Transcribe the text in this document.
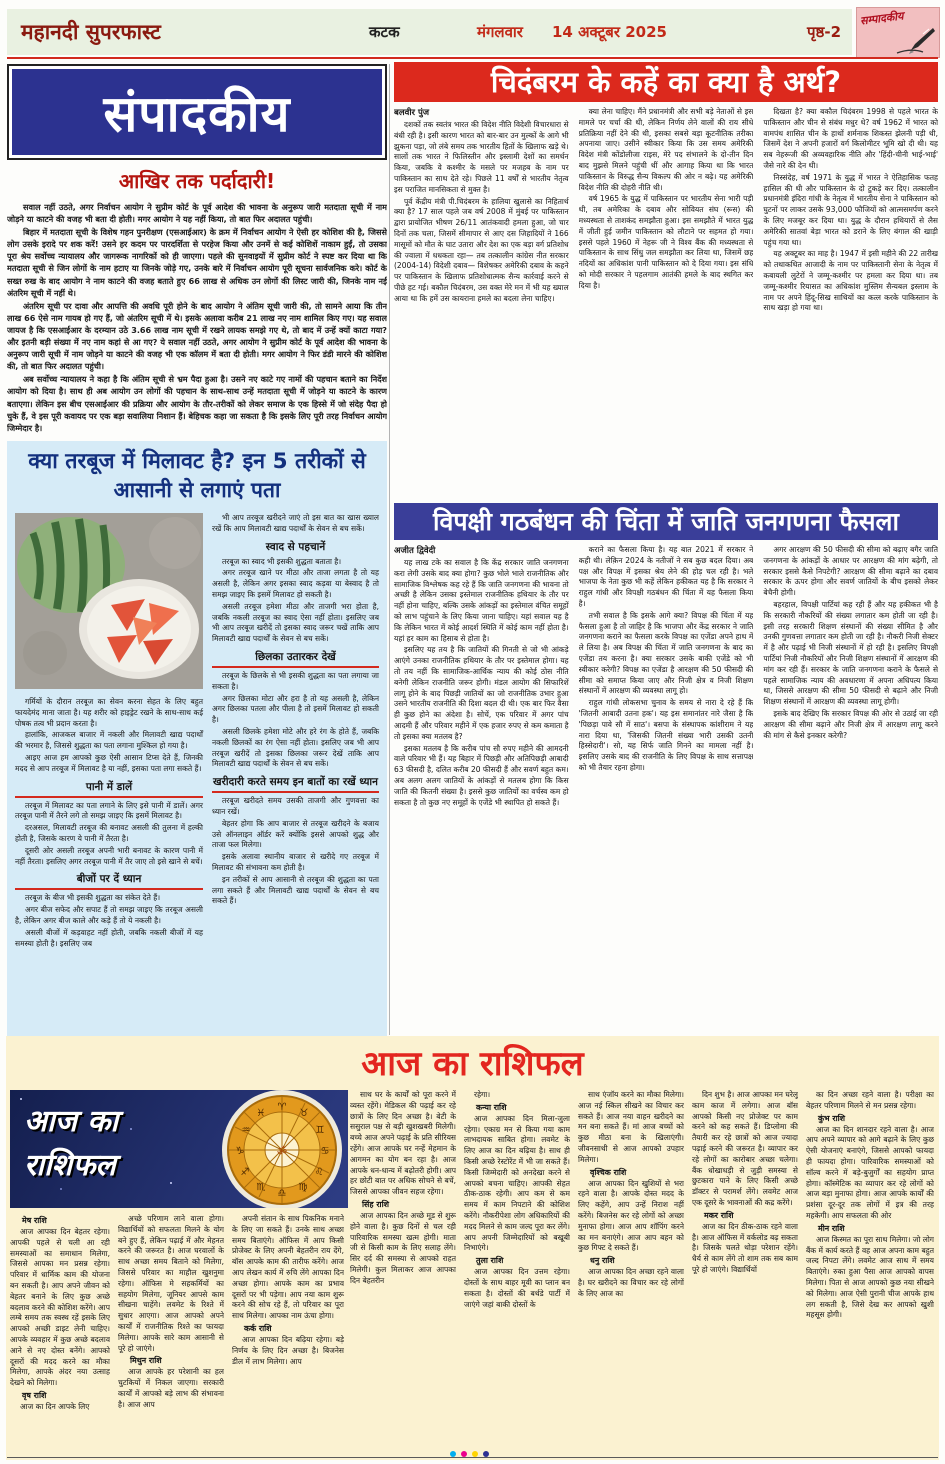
महानदी सुपरफास्ट	कटक	मंगलवार 14 अक्टूबर 2025	पृष्ठ-2
सम्पादकीय
संपादकीय
आखिर तक पर्दादारी!

सवाल नहीं उठते, अगर निर्वाचन आयोग ने सुप्रीम कोर्ट के पूर्व आदेश की भावना के अनुरूप जारी मतदाता सूची में नाम जोड़ने या काटने की वजह भी बता दी होती। मगर आयोग ने यह नहीं किया, तो बात फिर अदालत पहुंची।

बिहार में मतदाता सूची के विशेष गहन पुनरीक्षण (एसआईआर) के क्रम में निर्वाचन आयोग ने ऐसी हर कोशिश की है, जिससे लोग उसके इरादे पर शक करें! उसने हर कदम पर पारदर्शिता से परहेज किया और उनमें से कई कोशिशें नाकाम हुईं, तो उसका पूरा श्रेय सर्वोच्च न्यायालय और जागरूक नागरिकों को ही जाएगा। पहले की सुनवाइयों में सुप्रीम कोर्ट ने स्पष्ट कर दिया था कि मतदाता सूची से जिन लोगों के नाम हटाए या जिनके जोड़े गए, उनके बारे में निर्वाचन आयोग पूरी सूचना सार्वजनिक करे। कोर्ट के सख्त रुख के बाद आयोग ने नाम काटने की वजह बताते हुए 66 लाख से अधिक उन लोगों की लिस्ट जारी की, जिनके नाम नई अंतरिम सूची में नहीं थे।

अंतरिम सूची पर दावा और आपत्ति की अवधि पूरी होने के बाद आयोग ने अंतिम सूची जारी की, तो सामने आया कि तीन लाख 66 ऐसे नाम गायब हो गए हैं, जो अंतरिम सूची में थे। इसके अलावा करीब 21 लाख नए नाम शामिल किए गए। यह सवाल जायज है कि एसआईआर के दरम्यान उठे 3.66 लाख नाम सूची में रखने लायक समझे गए थे, तो बाद में उन्हें क्यों काटा गया? और इतनी बड़ी संख्या में नए नाम कहां से आ गए? ये सवाल नहीं उठते, अगर आयोग ने सुप्रीम कोर्ट के पूर्व आदेश की भावना के अनुरूप जारी सूची में नाम जोड़ने या काटने की वजह भी एक कॉलम में बता दी होती। मगर आयोग ने फिर डंडी मारने की कोशिश की, तो बात फिर अदालत पहुंची।

अब सर्वोच्च न्यायालय ने कहा है कि अंतिम सूची से भ्रम पैदा हुआ है। उसने नए काटे गए नामों की पहचान बताने का निर्देश आयोग को दिया है। साथ ही अब आयोग उन लोगों की पहचान के साथ-साथ उन्हें मतदाता सूची में जोड़ने या काटने के कारण बताएगा। लेकिन इस बीच एसआईआर की प्रक्रिया और आयोग के तौर-तरीकों को लेकर समाज के एक हिस्से में जो संदेह पैदा हो चुके हैं, वे इस पूरी कवायद पर एक बड़ा सवालिया निशान हैं। बेहिचक कहा जा सकता है कि इसके लिए पूरी तरह निर्वाचन आयोग जिम्मेदार है।

क्या तरबूज में मिलावट है? इन 5 तरीकों से
आसानी से लगाएं पता

गर्मियों के दौरान तरबूज का सेवन करना सेहत के लिए बहुत फायदेमंद माना जाता है। यह शरीर को हाइड्रेट रखने के साथ-साथ कई पोषक तत्व भी प्रदान करता है।

हालांकि, आजकल बाजार में नकली और मिलावटी खाद्य पदार्थों की भरमार है, जिससे शुद्धता का पता लगाना मुश्किल हो गया है।

आइए आज हम आपको कुछ ऐसी आसान टिप्स देते हैं, जिनकी मदद से आप तरबूज में मिलावट है या नहीं, इसका पता लगा सकते हैं।

पानी में डालें

तरबूज में मिलावट का पता लगाने के लिए इसे पानी में डालें। अगर तरबूज पानी में तैरने लगे तो समझ जाइए कि इसमें मिलावट है।

दरअसल, मिलावटी तरबूज की बनावट असली की तुलना में हल्की होती है, जिसके कारण ये पानी में तैरता है।

दूसरी ओर असली तरबूज अपनी भारी बनावट के कारण पानी में नहीं तैरता। इसलिए अगर तरबूज पानी में तैर जाए तो इसे खाने से बचें।

बीजों पर दें ध्यान

तरबूज के बीज भी इसकी शुद्धता का संकेत देते हैं।

अगर बीज सफेद और सपाट हैं तो समझ जाइए कि तरबूज असली है, लेकिन अगर बीज काले और कड़े हैं तो ये नकली है।

असली बीजों में कड़वाहट नहीं होती, जबकि नकली बीजों में यह समस्या होती है। इसलिए जब

भी आप तरबूज खरीदने जाएं तो इस बात का खास ख्याल रखें कि आप मिलावटी खाद्य पदार्थों के सेवन से बच सकें।

स्वाद से पहचानें

तरबूज का स्वाद भी इसकी शुद्धता बताता है।

अगर तरबूज खाने पर मीठा और ताजा लगता है तो यह असली है, लेकिन अगर इसका स्वाद कड़वा या बेस्वाद है तो समझ जाइए कि इसमें मिलावट हो सकती है।

असली तरबूज हमेशा मीठा और ताजगी भरा होता है, जबकि नकली तरबूज का स्वाद ऐसा नहीं होता। इसलिए जब भी आप तरबूज खरीदें तो इसका स्वाद जरूर चखें ताकि आप मिलावटी खाद्य पदार्थों के सेवन से बच सकें।

छिलका उतारकर देखें

तरबूज के छिलके से भी इसकी शुद्धता का पता लगाया जा सकता है।

अगर छिलका मोटा और हरा है तो यह असली है, लेकिन अगर छिलका पतला और पीला है तो इसमें मिलावट हो सकती है।

असली छिलके हमेशा मोटे और हरे रंग के होते हैं, जबकि नकली छिलकों का रंग ऐसा नहीं होता। इसलिए जब भी आप तरबूज खरीदें तो इसका छिलका जरूर देखें ताकि आप मिलावटी खाद्य पदार्थों के सेवन से बच सकें।

खरीदारी करते समय इन बातों का रखें ध्यान

तरबूज खरीदते समय उसकी ताजगी और गुणवत्ता का ध्यान रखें।

बेहतर होगा कि आप बाजार से तरबूज खरीदने के बजाय उसे ऑनलाइन ऑर्डर करें क्योंकि इससे आपको शुद्ध और ताजा फल मिलेगा।

इसके अलावा स्थानीय बाजार से खरीदे गए तरबूज में मिलावट की संभावना कम होती है।

इन तरीकों से आप आसानी से तरबूज की शुद्धता का पता लगा सकते हैं और मिलावटी खाद्य पदार्थों के सेवन से बच सकते हैं।

चिदंबरम के कहें का क्या है अर्थ?
बलवीर पुंज

दशकों तक स्वतंत्र भारत की विदेश नीति विदेशी विचारधारा से बंधी रही है। इसी कारण भारत को बार-बार उन मुल्कों के आगे भी झुकना पड़ा, जो लंबे समय तक भारतीय हितों के खिलाफ खड़े थे। सालों तक भारत ने फिलिस्तीन और इस्लामी देशों का समर्थन किया, जबकि वे कश्मीर के मसले पर मजहब के नाम पर पाकिस्तान का साथ देते रहे। पिछले 11 वर्षों से भारतीय नेतृत्व इस पराजित मानसिकता से मुक्त है।

पूर्व केंद्रीय मंत्री पी.चिदंबरम के हालिया खुलासे का निहितार्थ क्या है? 17 साल पहले जब वर्ष 2008 में मुंबई पर पाकिस्तान द्वारा प्रायोजित भीषण 26/11 आतंकवादी हमला हुआ, जो चार दिनों तक चला, जिसमें सीमापार से आए दस जिहादियों ने 166 मासूमों को मौत के घाट उतारा और देश का एक बड़ा वर्ग प्रतिशोध की ज्वाला में धधकता रहा— तब तत्कालीन कांग्रेस नीत सरकार (2004-14) विदेशी दबाव— विशेषकर अमेरिकी दबाव के कहने पर पाकिस्तान के खिलाफ प्रतिशोधात्मक सैन्य कार्रवाई करने से पीछे हट गई। बकौल चिदंबरम, उस वक्त मेरे मन में भी यह ख्याल आया था कि हमें उस कायराना हमले का बदला लेना चाहिए।

क्या लेना चाहिए। मैंने प्रधानमंत्री और सभी बड़े नेताओं से इस मामले पर चर्चा की थी, लेकिन निर्णय लेने वालों की राय सीधे प्रतिक्रिया नहीं देने की थी, इसका सबसे बड़ा कूटनीतिक तरीका अपनाया जाए। उसीने स्वीकार किया कि उस समय अमेरिकी विदेश मंत्री कोंडोलीजा राइस, मेरे पद संभालने के दो-तीन दिन बाद मुझसे मिलने पहुंची थीं और आगाह किया था कि भारत पाकिस्तान के विरुद्ध सैन्य विकल्प की ओर न बढ़े। यह अमेरिकी विदेश नीति की दोहरी नीति थी।

वर्ष 1965 के युद्ध में पाकिस्तान पर भारतीय सेना भारी पड़ी थी, तब अमेरिका के दबाव और सोवियत संघ (रूस) की मध्यस्थता से ताशकंद समझौता हुआ। इस समझौते में भारत युद्ध में जीती हुई जमीन पाकिस्तान को लौटाने पर सहमत हो गया। इससे पहले 1960 में नेहरू जी ने विश्व बैंक की मध्यस्थता से पाकिस्तान के साथ सिंधु जल समझौता कर लिया था, जिसमें छह नदियों का अधिकांश पानी पाकिस्तान को दे दिया गया। इस संधि को मोदी सरकार ने पहलगाम आतंकी हमले के बाद स्थगित कर दिया है।

दिखता है? क्या बकौल चिदंबरम 1998 से पहले भारत के पाकिस्तान और चीन से संबंध मधुर थे? वर्ष 1962 में भारत को वामपंथ शासित चीन के हाथों शर्मनाक शिकस्त झेलनी पड़ी थी, जिसमें देश ने अपनी हजारों वर्ग किलोमीटर भूमि खो दी थी। यह सब नेहरूजी की अव्यवहारिक नीति और 'हिंदी-चीनी भाई-भाई' जैसे नारे की देन थी।

निस्संदेह, वर्ष 1971 के युद्ध में भारत ने ऐतिहासिक फतह हासिल की थी और पाकिस्तान के दो टुकड़े कर दिए। तत्कालीन प्रधानमंत्री इंदिरा गांधी के नेतृत्व में भारतीय सेना ने पाकिस्तान को घुटनों पर लाकर उसके 93,000 फौजियों को आत्मसमर्पण करने के लिए मजबूर कर दिया था। युद्ध के दौरान हथियारों से लैस अमेरिकी सातवां बेड़ा भारत को डराने के लिए बंगाल की खाड़ी पहुंच गया था।

यह अक्टूबर का माह है। 1947 में इसी महीने की 22 तारीख को तथाकथित आजादी के नाम पर पाकिस्तानी सेना के नेतृत्व में कबायली लुटेरों ने जम्मू-कश्मीर पर हमला कर दिया था। तब जम्मू-कश्मीर रियासत का अधिकांश मुस्लिम सैन्यबल इस्लाम के नाम पर अपने हिंदू-सिख साथियों का कत्ल करके पाकिस्तान के साथ खड़ा हो गया था।

विपक्षी गठबंधन की चिंता में जाति जनगणना फैसला
अजीत द्विवेदी

यह लाख टके का सवाल है कि केंद्र सरकार जाति जनगणना करा लेगी उसके बाद क्या होगा? कुछ भोले भाले राजनीतिक और सामाजिक विश्लेषक कह रहे हैं कि जाति जनगणना की भावना तो अच्छी है लेकिन उसका इस्तेमाल राजनीतिक हथियार के तौर पर नहीं होना चाहिए, बल्कि उसके आंकड़ों का इस्तेमाल वंचित समूहों को लाभ पहुंचाने के लिए किया जाना चाहिए। यहां सवाल यह है कि लेकिन भारत में कोई आदर्श स्थिति में कोई काम नहीं होता है। यहां हर काम का हिसाब से होता है।

इसलिए यह तय है कि जातियों की गिनती से जो भी आंकड़े आएंगे उनका राजनीतिक हथियार के तौर पर इस्तेमाल होगा। यह तो तय नहीं कि सामाजिक-आर्थिक न्याय की कोई ठोस नीति बनेगी लेकिन राजनीति जरूर होगी। मंडल आयोग की सिफारिशें लागू होने के बाद पिछड़ी जातियों का जो राजनीतिक उभार हुआ उसने भारतीय राजनीति की दिशा बदल दी थी। एक बार फिर वैसा ही कुछ होने का अंदेशा है। सोचें, एक परिवार में अगर पांच आदमी हैं और परिवार महीने में एक हजार रुपए से कम कमाता है तो इसका क्या मतलब है?

इसका मतलब है कि करीब पांच सौ रुपए महीने की आमदनी वाले परिवार भी हैं। यह बिहार में पिछड़ी और अतिपिछड़ी आबादी 63 फीसदी है, दलित करीब 20 फीसदी हैं और सवर्ण बहुत कम। अब अलग अलग जातियों के आंकड़ों से मतलब होगा कि किस जाति की कितनी संख्या है। इससे कुछ जातियों का वर्चस्व कम हो सकता है तो कुछ नए समूहों के एजेंडे भी स्थापित हो सकते हैं।

कराने का फैसला किया है। यह बात 2021 में सरकार ने कही थी। लेक़िन 2024 के नतीजों ने सब कुछ बदल दिया। अब पक्ष और विपक्ष में इसका श्रेय लेने की होड़ चल रही है। भले भाजपा के नेता कुछ भी कहें लेकिन हकीकत यह है कि सरकार ने राहुल गांधी और विपक्षी गठबंधन की चिंता में यह फैसला किया है।

तभी सवाल है कि इसके आगे क्या? विपक्ष की चिंता में यह फैसला हुआ है तो जाहिर है कि भाजपा और केंद्र सरकार ने जाति जनगणना कराने का फैसला करके विपक्ष का एजेंडा अपने हाथ में ले लिया है। अब विपक्ष की चिंता में जाति जनगणना के बाद का एजेंडा तय करना है। क्या सरकार उसके बाकी एजेंडे को भी स्वीकार करेगी? विपक्ष का एजेंडा है आरक्षण की 50 फीसदी की सीमा को समाप्त किया जाए और निजी क्षेत्र व निजी शिक्षण संस्थानों में आरक्षण की व्यवस्था लागू हो।

राहुल गांधी लोकसभा चुनाव के समय से नारा दे रहे हैं कि 'जितनी आबादी उतना हक'। यह इस समानांतर नारे जैसा है कि 'पिछड़ा पावे सौ में साठ'। बसपा के संस्थापक कांशीराम ने यह नारा दिया था, 'जिसकी जितनी संख्या भारी उसकी उतनी हिस्सेदारी'। सो, यह सिर्फ जाति गिनने का मामला नहीं है। इसलिए उसके बाद की राजनीति के लिए विपक्ष के साथ सत्तापक्ष को भी तैयार रहना होगा।

अगर आरक्षण की 50 फीसदी की सीमा को बढ़ाए बगैर जाति जनगणना के आंकड़ों के आधार पर आरक्षण की मांग बढ़ेगी, तो सरकार इससे कैसे निपटेगी? आरक्षण की सीमा बढ़ाने का दबाव सरकार के ऊपर होगा और सवर्ण जातियों के बीच इसको लेकर बेचैनी होगी।

बहरहाल, विपक्षी पार्टियां कह रही हैं और यह हकीकत भी है कि सरकारी नौकरियों की संख्या लगातार कम होती जा रही है। इसी तरह सरकारी शिक्षण संस्थानों की संख्या सीमित है और उनकी गुणवत्ता लगातार कम होती जा रही है। नौकरी निजी सेक्टर में है और पढ़ाई भी निजी संस्थानों में हो रही है। इसलिए विपक्षी पार्टियां निजी नौकरियों और निजी शिक्षण संस्थानों में आरक्षण की मांग कर रही हैं। सरकार के जाति जनगणना कराने के फैसले से पहले सामाजिक न्याय की अवधारणा में अपना अधिपत्य किया था, जिससे आरक्षण की सीमा 50 फीसदी से बढ़ाने और निजी शिक्षण संस्थानों में आरक्षण की व्यवस्था लागू होगी।

इसके बाद देखिए कि सरकार विपक्ष की ओर से उठाई जा रही आरक्षण की सीमा बढ़ाने और निजी क्षेत्र में आरक्षण लागू करने की मांग से कैसे इनकार करेगी?

आज का राशिफल
आज का
राशिफल
♈
♉
♊
♋
♌
♍
♎
♏
♐
♑
♒
♓
ॐ
मेष राशि

आज आपका दिन बेहतर रहेगा। आपकी पहले से चली आ रही समस्याओं का समाधान मिलेगा, जिससे आपका मन प्रसन्न रहेगा। परिवार में धार्मिक काम की योजना बन सकती है। आप अपने जीवन को बेहतर बनाने के लिए कुछ अच्छे बदलाव करने की कोशिश करेंगे। आप लम्बे समय तक स्वस्थ रहें इसके लिए आपको अच्छी डाइट लेनी चाहिए। आपके व्यवहार में कुछ अच्छे बदलाव आने से नए दोस्त बनेंगे। आपको दूसरों की मदद करने का मौका मिलेगा, आपके अंदर नया उत्साह देखने को मिलेगा।

वृष राशि

आज का दिन आपके लिए

अच्छे परिणाम लाने वाला होगा। विद्यार्थियों को सफलता मिलने के योग बने हुए हैं, लेकिन पढ़ाई में और मेहनत करने की जरूरत है। आज घरवालों के साथ अच्छा समय बिताने को मिलेगा, जिससे परिवार का माहौल खुशनुमा रहेगा। ऑफिस मे सहकर्मियों का सहयोग मिलेगा, जूनियर आपसे काम सीखना चाहेंगे। लवमेट के रिश्ते में सुधार आएगा। आज आपको अपने कार्यों में राजनीतिक रिश्ते का फायदा मिलेगा। आपके सारे काम आसानी से पूरे हो जाएंगे।

मिथुन राशि

आज आपके हर परेशानी का हल चुटकियों में निकल जाएगा। सरकारी कार्यों में आपको बड़े लाभ की संभावना है। आज आप

अपनी संतान के साथ पिकनिक मनाने के लिए जा सकते हैं। उनके साथ अच्छा समय बिताएंगे। ऑफिस में आप किसी प्रोजेक्ट के लिए अपनी बेहतरीन राय देंगे, बॉस आपके काम की तारीफ करेंगे। आज आप लेखन कार्य में रुचि लेंगे आपका दिन अच्छा होगा। आपके काम का प्रभाव दूसरों पर भी पड़ेगा। आप नया काम शुरू करने की सोच रहे हैं, तो परिवार का पूरा साथ मिलेगा। आपका नाम ऊंचा होगा।

कर्क राशि

आज आपका दिन बढ़िया रहेगा। बड़े निर्णय के लिए दिन अच्छा है। बिजनेस डील में लाभ मिलेगा। आप

साथ घर के कार्यों को पूरा करने में व्यस्त रहेंगे। मेडिकल की पढ़ाई कर रहे छात्रों के लिए दिन अच्छा है। बेटी के ससुराल पक्ष से बड़ी खुशखबरी मिलेगी। बच्चे आज अपने पढ़ाई के प्रति सीरियस रहेंगे। आज आपके घर नन्हें मेहमान के आगमन का योग बन रहा है। आज आपके धन-धान्य में बढ़ोतरी होगी। आप हर छोटी बात पर अधिक सोचने से बचें, जिससे आपका जीवन सहज रहेगा।

सिंह राशि

आज आपका दिन अच्छे मूड से शुरू होने वाला है। कुछ दिनों से चल रही पारिवारिक समस्या खत्म होगी। माता जी से किसी काम के लिए सलाह लेंगे। सिर दर्द की समस्या से आपको राहत मिलेगी। कुल मिलाकर आज आपका दिन बेहतरीन

रहेगा।

कन्या राशि

आज आपका दिन मिला-जुला रहेगा। एकाग्र मन से किया गया काम लाभदायक साबित होगा। लवमेट के लिए आज का दिन बढ़िया है। साथ ही किसी अच्छे रेस्टोरेंट में भी जा सकते हैं। किसी जिम्मेदारी को अनदेखा करने से आपको बचना चाहिए। आपकी सेहत ठीक-ठाक रहेगी। आप कम से कम समय में काम निपटाने की कोशिश करेंगे। नौकरीपेशा लोग अधिकारियों की मदद मिलने से काम जल्द पूरा कर लेंगे। आप अपनी जिम्मेदारियों को बखूबी निभाएंगे।

तुला राशि

आज आपका दिन उत्तम रहेगा। दोस्तों के साथ बाहर मूवी का प्लान बन सकता है। दोस्तों की बर्थडे पार्टी में जाएंगे जहां बाकी दोस्तों के

साथ एंजॉय करने का मौका मिलेगा। आज नई स्किल सीखने का विचार कर सकते हैं। आज नया वाहन खरीदने का मन बना सकते हैं। मां आज बच्चों को कुछ मीठा बना के खिलाएंगी। जीवनसाथी से आज आपको उपहार मिलेगा।

वृश्चिक राशि

आज आपका दिन खुशियों से भरा रहने वाला है। आपके दोस्त मदद के लिए कहेंगे, आप उन्हें निराश नहीं करेंगे। बिजनेस कर रहे लोगों को अच्छा मुनाफा होगा। आज आप शॉपिंग करने का मन बनाएंगे। आज आप बहन को कुछ गिफ्ट दे सकते हैं।

धनु राशि

आज आपका दिन अच्छा रहने वाला है। घर खरीदने का विचार कर रहे लोगों के लिए आज का

दिन शुभ है। आज आपका मन घरेलू काम काज में लगेगा। आज बॉस आपको किसी नए प्रोजेक्ट पर काम करने को कह सकते हैं। डिप्लोमा की तैयारी कर रहे छात्रों को आज ज्यादा पढ़ाई करने की जरूरत है। व्यापार कर रहे लोगों का कारोबार अच्छा चलेगा। बैंक धोखाधड़ी से जुड़ी समस्या से छुटकारा पाने के लिए किसी अच्छे डॉक्टर से परामर्श लेंगे। लवमेट आज एक दूसरे के भावनाओं की कद्र करेंगे।

मकर राशि

आज का दिन ठीक-ठाक रहने वाला है। आज ऑफिस में वर्कलोड बढ़ सकता है। जिसके चलते थोड़ा परेशान रहेंगे। धैर्य से काम लेंगे तो शाम तक सब काम पूरे हो जाएंगे। विद्यार्थियों

का दिन अच्छा रहने वाला है। परीक्षा का बेहतर परिणाम मिलने से मन प्रसन्न रहेगा।

कुंभ राशि

आज का दिन शानदार रहने वाला है। आज आप अपने व्यापार को आगे बढ़ाने के लिए कुछ ऐसी योजनाएं बनाएंगे, जिससे आपको फायदा ही फायदा होगा। पारिवारिक समस्याओं को सॉल्व करने में बड़े-बुजुर्गों का सहयोग प्राप्त होगा। कॉस्मेटिक का व्यापार कर रहे लोगों को आज बड़ा मुनाफा होगा। आज आपके कार्यों की प्रशंसा दूर-दूर तक लोगों में इत्र की तरह महकेगी। आप सफलता की ओर

मीन राशि

आज किस्मत का पूरा साथ मिलेगा। जो लोग बैंक में कार्य करते हैं वह आज अपना काम बहुत जल्द निपटा लेंगे। लवमेट आज साथ में समय बिताएंगे। रुका हुआ पैसा आज आपको वापस मिलेगा। पिता से आज आपको कुछ नया सीखने को मिलेगा। आज ऐसी पुरानी चीज आपके हाथ लग सकती है, जिसे देख कर आपको खुशी महसूस होगी।
